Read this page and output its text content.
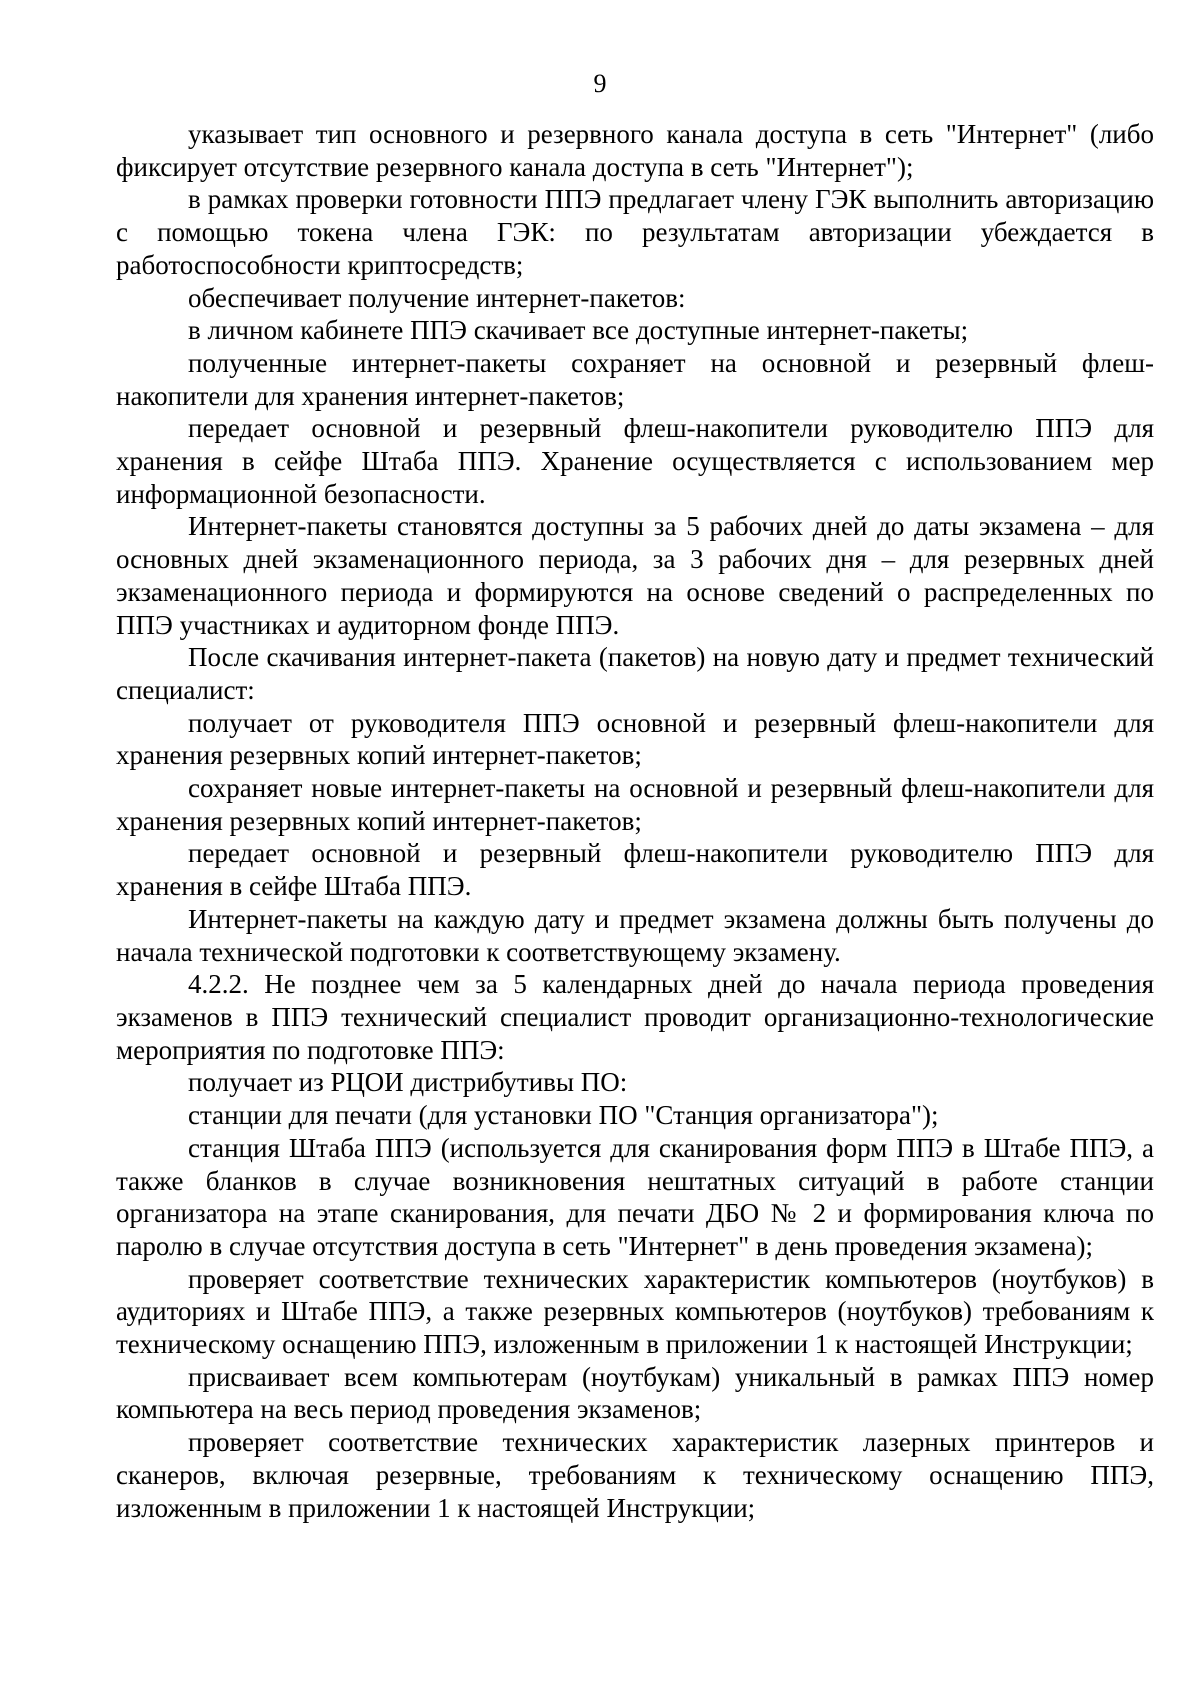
9

указывает тип основного и резервного канала доступа в сеть "Интернет" (либо фиксирует отсутствие резервного канала доступа в сеть "Интернет");

в рамках проверки готовности ППЭ предлагает члену ГЭК выполнить авторизацию с помощью токена члена ГЭК: по результатам авторизации убеждается в работоспособности криптосредств;

обеспечивает получение интернет-пакетов:

в личном кабинете ППЭ скачивает все доступные интернет-пакеты;

полученные интернет-пакеты сохраняет на основной и резервный флеш-накопители для хранения интернет-пакетов;

передает основной и резервный флеш-накопители руководителю ППЭ для хранения в сейфе Штаба ППЭ. Хранение осуществляется с использованием мер информационной безопасности.

Интернет-пакеты становятся доступны за 5 рабочих дней до даты экзамена – для основных дней экзаменационного периода, за 3 рабочих дня – для резервных дней экзаменационного периода и формируются на основе сведений о распределенных по ППЭ участниках и аудиторном фонде ППЭ.

После скачивания интернет-пакета (пакетов) на новую дату и предмет технический специалист:

получает от руководителя ППЭ основной и резервный флеш-накопители для хранения резервных копий интернет-пакетов;

сохраняет новые интернет-пакеты на основной и резервный флеш-накопители для хранения резервных копий интернет-пакетов;

передает основной и резервный флеш-накопители руководителю ППЭ для хранения в сейфе Штаба ППЭ.

Интернет-пакеты на каждую дату и предмет экзамена должны быть получены до начала технической подготовки к соответствующему экзамену.

4.2.2. Не позднее чем за 5 календарных дней до начала периода проведения экзаменов в ППЭ технический специалист проводит организационно-технологические мероприятия по подготовке ППЭ:

получает из РЦОИ дистрибутивы ПО:

станции для печати (для установки ПО "Станция организатора");

станция Штаба ППЭ (используется для сканирования форм ППЭ в Штабе ППЭ, а также бланков в случае возникновения нештатных ситуаций в работе станции организатора на этапе сканирования, для печати ДБО № 2 и формирования ключа по паролю в случае отсутствия доступа в сеть "Интернет" в день проведения экзамена);

проверяет соответствие технических характеристик компьютеров (ноутбуков) в аудиториях и Штабе ППЭ, а также резервных компьютеров (ноутбуков) требованиям к техническому оснащению ППЭ, изложенным в приложении 1 к настоящей Инструкции;

присваивает всем компьютерам (ноутбукам) уникальный в рамках ППЭ номер компьютера на весь период проведения экзаменов;

проверяет соответствие технических характеристик лазерных принтеров и сканеров, включая резервные, требованиям к техническому оснащению ППЭ, изложенным в приложении 1 к настоящей Инструкции;
